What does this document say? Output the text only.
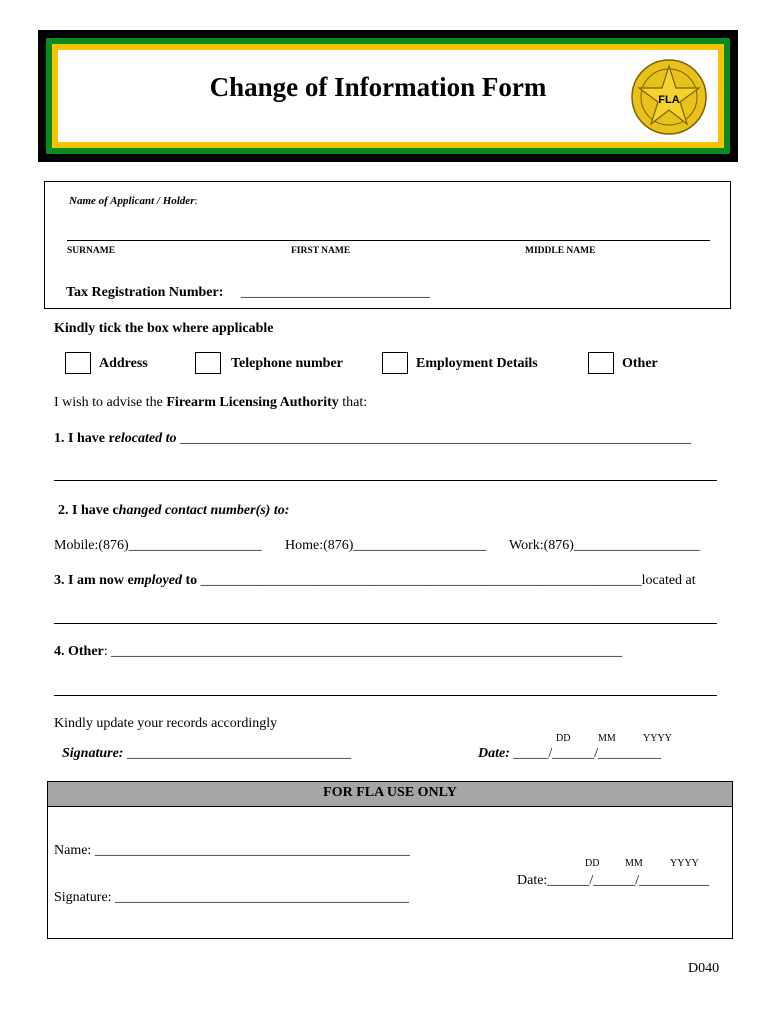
Change of Information Form	FLA
Name of Applicant / Holder:
SURNAME	FIRST NAME	MIDDLE NAME
Tax Registration Number: ___________________________
Kindly tick the box where applicable
Address	Telephone number	Employment Details	Other
I wish to advise the Firearm Licensing Authority that:
1. I have relocated to _________________________________________________________________________
2. I have changed contact number(s) to:
Mobile:(876)___________________ Home:(876)___________________ Work:(876)__________________
3. I am now employed to _______________________________________________________________located at
4. Other: _________________________________________________________________________
Kindly update your records accordingly
DD	MM	YYYY
Signature: ________________________________	Date: _____/______/_________
FOR FLA USE ONLY
Name: _____________________________________________
Signature: __________________________________________
DD	MM	YYYY
Date:______/______/__________
D040
